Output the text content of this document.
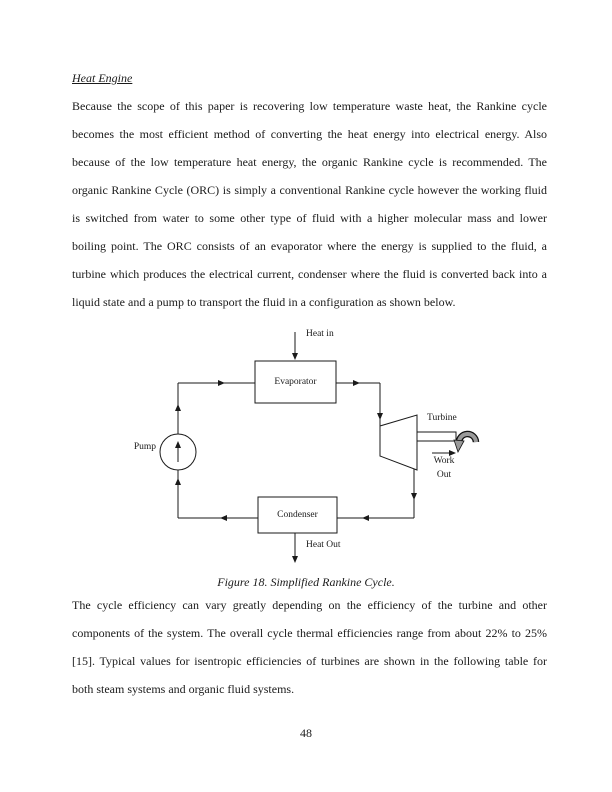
Heat Engine
Because the scope of this paper is recovering low temperature waste heat, the Rankine cycle
becomes the most efficient method of converting the heat energy into electrical energy. Also
because of the low temperature heat energy, the organic Rankine cycle is recommended. The
organic Rankine Cycle (ORC) is simply a conventional Rankine cycle however the working fluid
is switched from water to some other type of fluid with a higher molecular mass and lower
boiling point. The ORC consists of an evaporator where the energy is supplied to the fluid, a
turbine which produces the electrical current, condenser where the fluid is converted back into a
liquid state and a pump to transport the fluid in a configuration as shown below.
Heat in
Evaporator
Pump
Turbine
Work
Out
Condenser
Heat Out
Figure 18. Simplified Rankine Cycle.
The cycle efficiency can vary greatly depending on the efficiency of the turbine and other
components of the system. The overall cycle thermal efficiencies range from about 22% to 25%
[15]. Typical values for isentropic efficiencies of turbines are shown in the following table for
both steam systems and organic fluid systems.
48
